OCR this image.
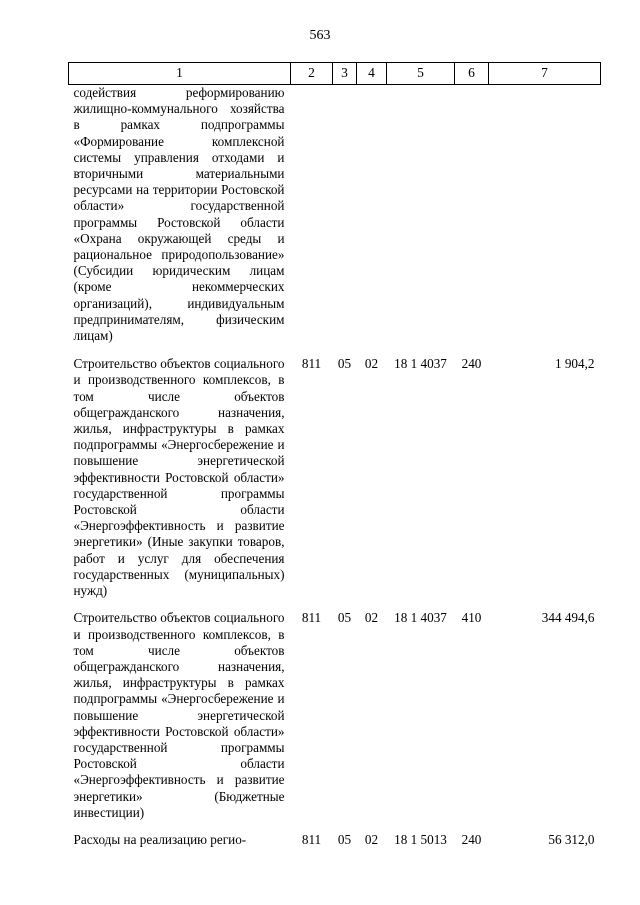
563
1	2	3	4	5	6	7
содействия реформированию жилищно-коммунального хозяйства в рамках подпрограммы «Формирование комплексной системы управления отходами и вторичными материальными ресурсами на территории Ростовской области» государственной программы Ростовской области «Охрана окружающей среды и рациональное природопользование» (Субсидии юридическим лицам (кроме некоммерческих организаций), индивидуальным предпринимателям, физическим лицам)						
Строительство объектов социального и производственного комплексов, в том числе объектов общегражданского назначения, жилья, инфраструктуры в рамках подпрограммы «Энергосбережение и повышение энергетической эффективности Ростовской области» государственной программы Ростовской области «Энергоэффективность и развитие энергетики» (Иные закупки товаров, работ и услуг для обеспечения государственных (муниципальных) нужд)	811	05	02	18 1 4037	240	1 904,2
Строительство объектов социального и производственного комплексов, в том числе объектов общегражданского назначения, жилья, инфраструктуры в рамках подпрограммы «Энергосбережение и повышение энергетической эффективности Ростовской области» государственной программы Ростовской области «Энергоэффективность и развитие энергетики» (Бюджетные инвестиции)	811	05	02	18 1 4037	410	344 494,6
Расходы на реализацию регио-	811	05	02	18 1 5013	240	56 312,0
